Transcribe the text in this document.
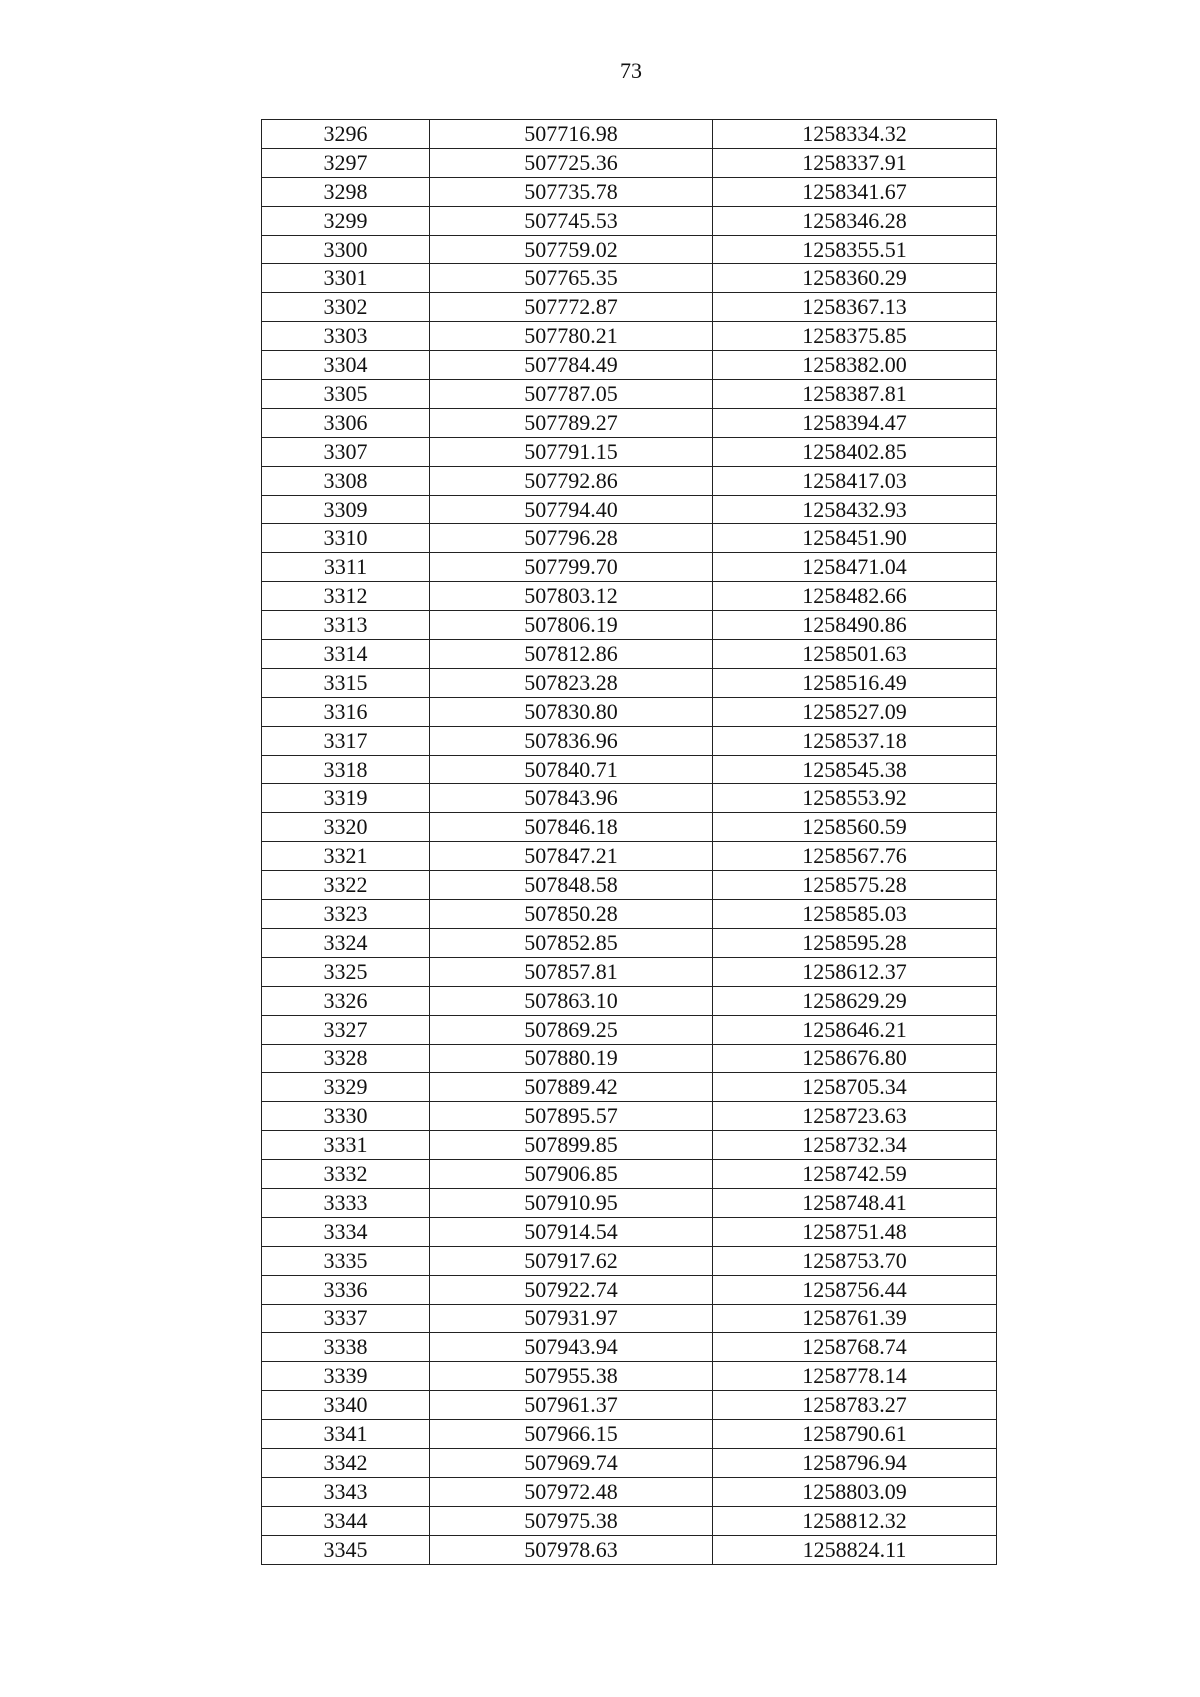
73
3296	507716.98	1258334.32
3297	507725.36	1258337.91
3298	507735.78	1258341.67
3299	507745.53	1258346.28
3300	507759.02	1258355.51
3301	507765.35	1258360.29
3302	507772.87	1258367.13
3303	507780.21	1258375.85
3304	507784.49	1258382.00
3305	507787.05	1258387.81
3306	507789.27	1258394.47
3307	507791.15	1258402.85
3308	507792.86	1258417.03
3309	507794.40	1258432.93
3310	507796.28	1258451.90
3311	507799.70	1258471.04
3312	507803.12	1258482.66
3313	507806.19	1258490.86
3314	507812.86	1258501.63
3315	507823.28	1258516.49
3316	507830.80	1258527.09
3317	507836.96	1258537.18
3318	507840.71	1258545.38
3319	507843.96	1258553.92
3320	507846.18	1258560.59
3321	507847.21	1258567.76
3322	507848.58	1258575.28
3323	507850.28	1258585.03
3324	507852.85	1258595.28
3325	507857.81	1258612.37
3326	507863.10	1258629.29
3327	507869.25	1258646.21
3328	507880.19	1258676.80
3329	507889.42	1258705.34
3330	507895.57	1258723.63
3331	507899.85	1258732.34
3332	507906.85	1258742.59
3333	507910.95	1258748.41
3334	507914.54	1258751.48
3335	507917.62	1258753.70
3336	507922.74	1258756.44
3337	507931.97	1258761.39
3338	507943.94	1258768.74
3339	507955.38	1258778.14
3340	507961.37	1258783.27
3341	507966.15	1258790.61
3342	507969.74	1258796.94
3343	507972.48	1258803.09
3344	507975.38	1258812.32
3345	507978.63	1258824.11
